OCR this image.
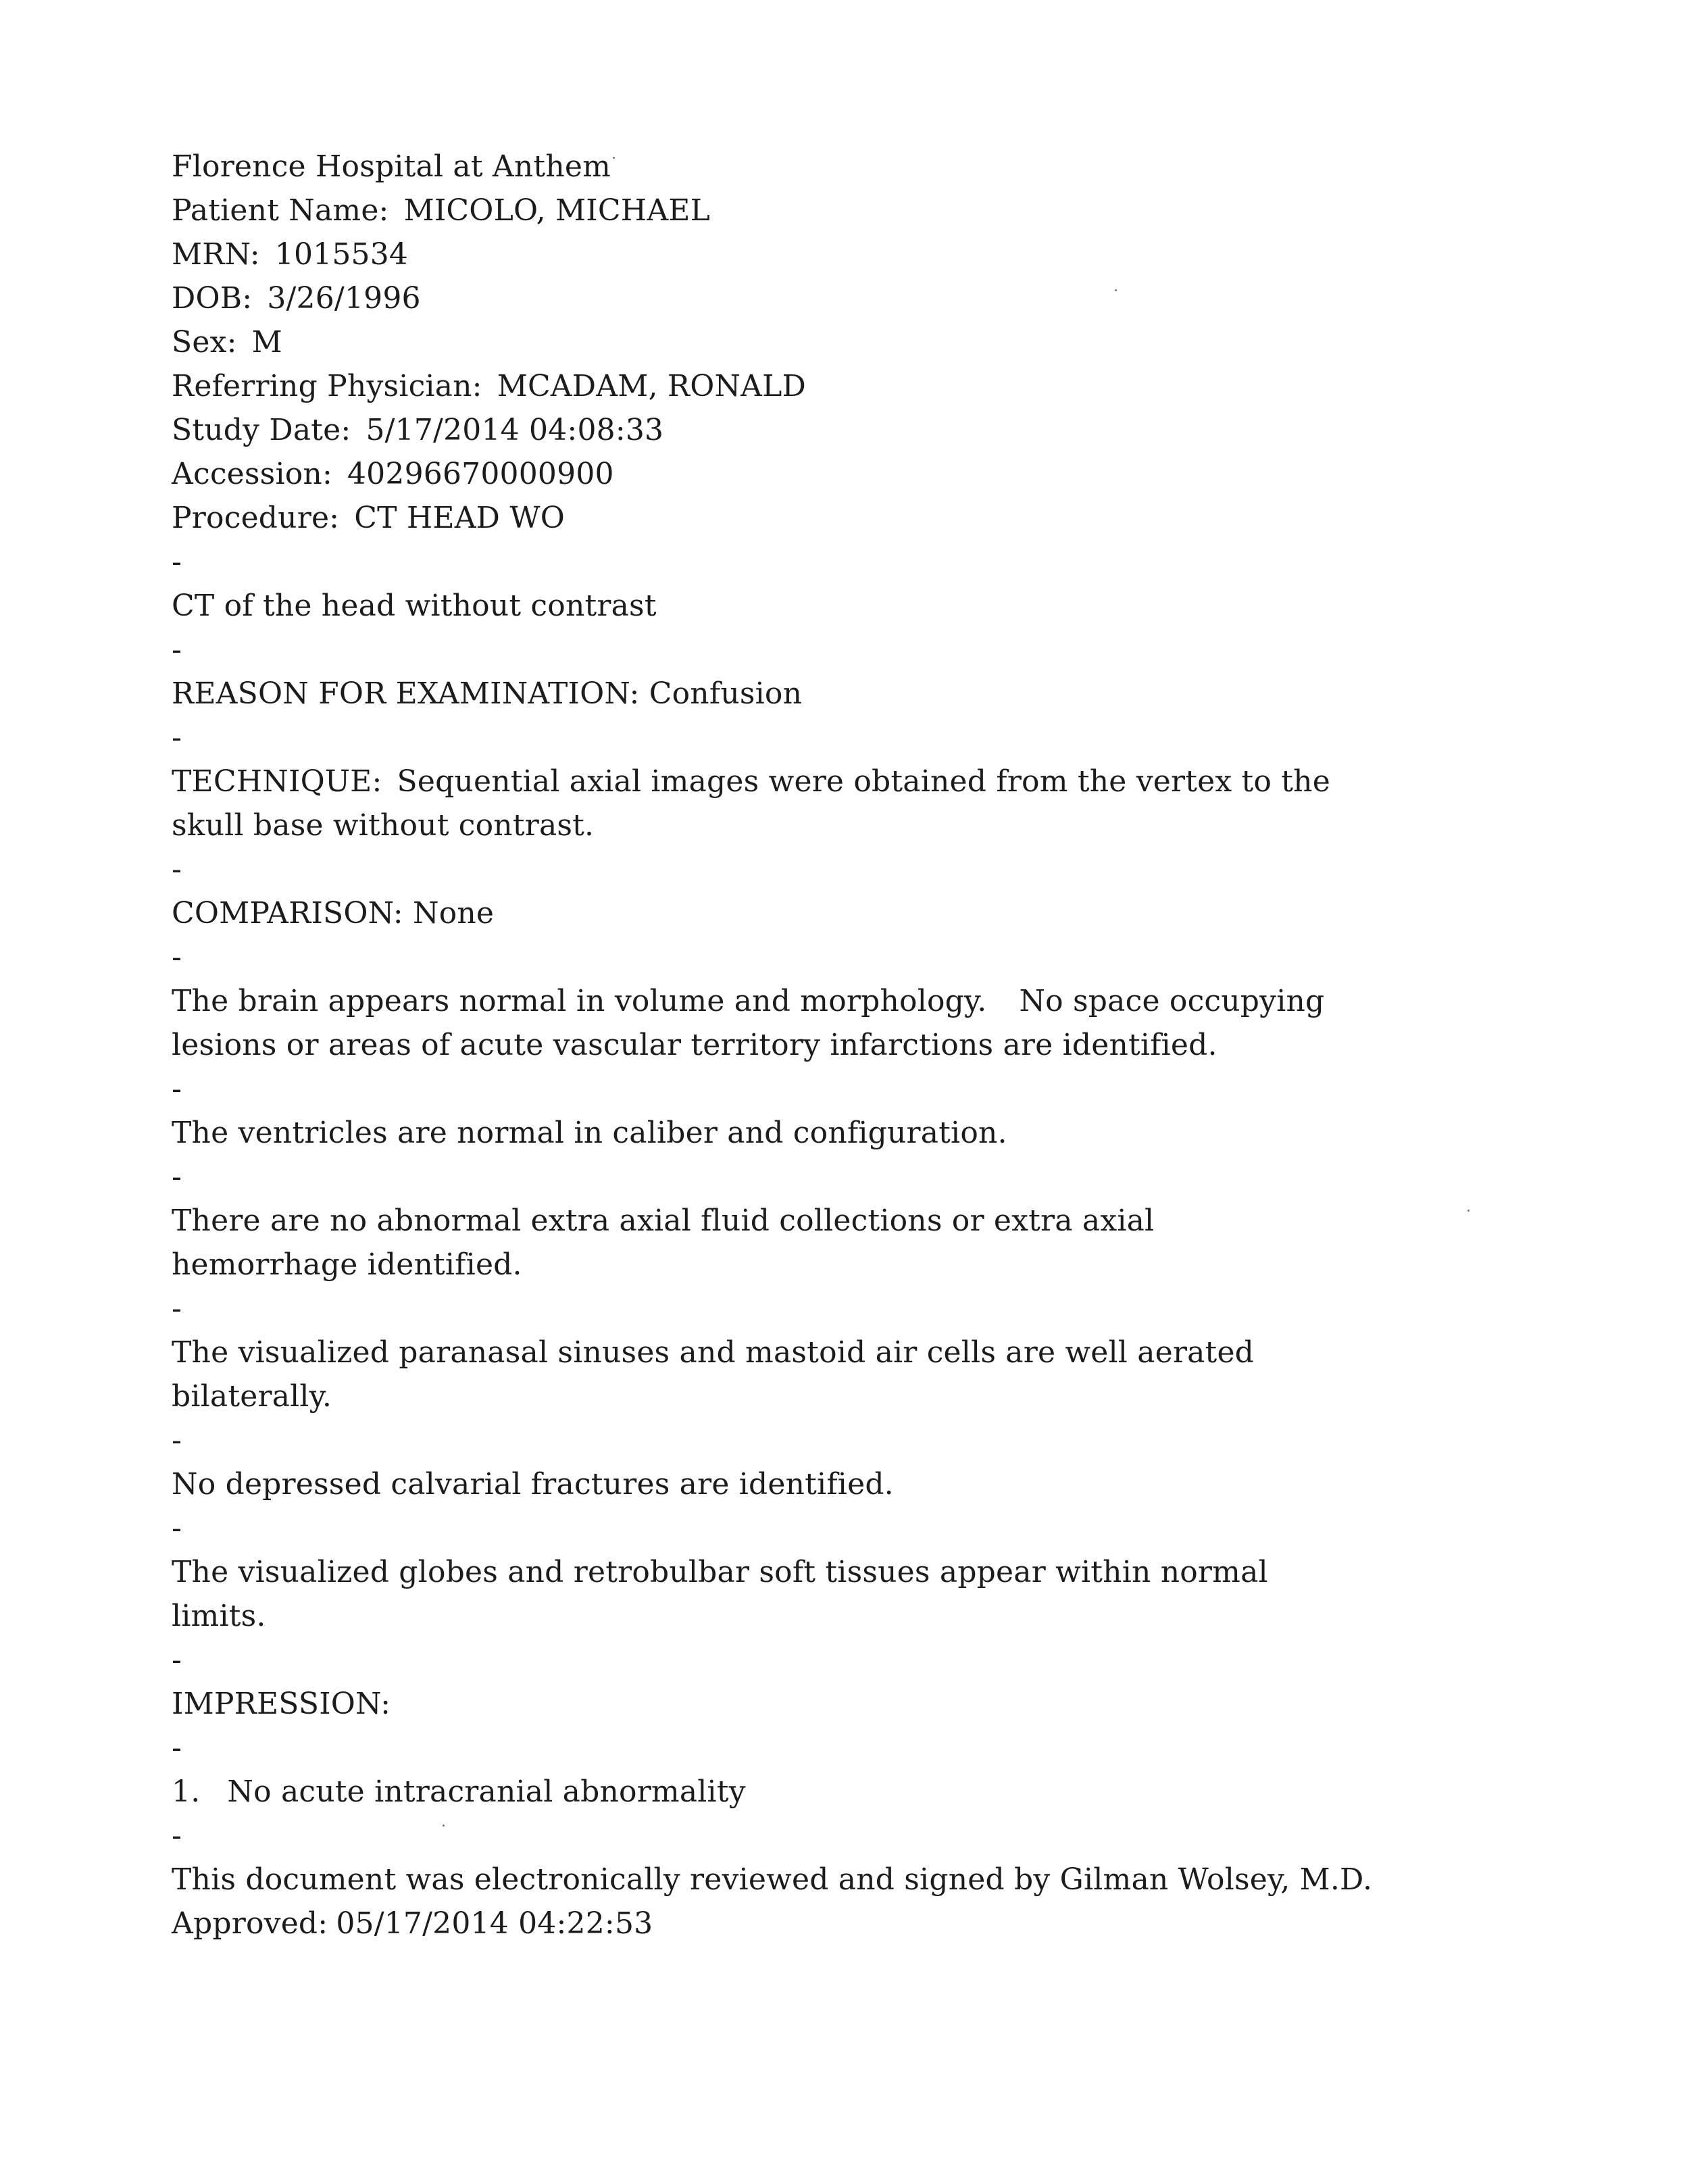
Florence Hospital at Anthem
Patient Name: MICOLO, MICHAEL
MRN: 1015534
DOB: 3/26/1996
Sex: M
Referring Physician: MCADAM, RONALD
Study Date: 5/17/2014 04:08:33
Accession: 40296670000900
Procedure: CT HEAD WO
-
CT of the head without contrast
-
REASON FOR EXAMINATION: Confusion
-
TECHNIQUE: Sequential axial images were obtained from the vertex to the
skull base without contrast.
-
COMPARISON: None
-
The brain appears normal in volume and morphology. No space occupying
lesions or areas of acute vascular territory infarctions are identified.
-
The ventricles are normal in caliber and configuration.
-
There are no abnormal extra axial fluid collections or extra axial
hemorrhage identified.
-
The visualized paranasal sinuses and mastoid air cells are well aerated
bilaterally.
-
No depressed calvarial fractures are identified.
-
The visualized globes and retrobulbar soft tissues appear within normal
limits.
-
IMPRESSION:
-
1. No acute intracranial abnormality
-
This document was electronically reviewed and signed by Gilman Wolsey, M.D.
Approved: 05/17/2014 04:22:53
